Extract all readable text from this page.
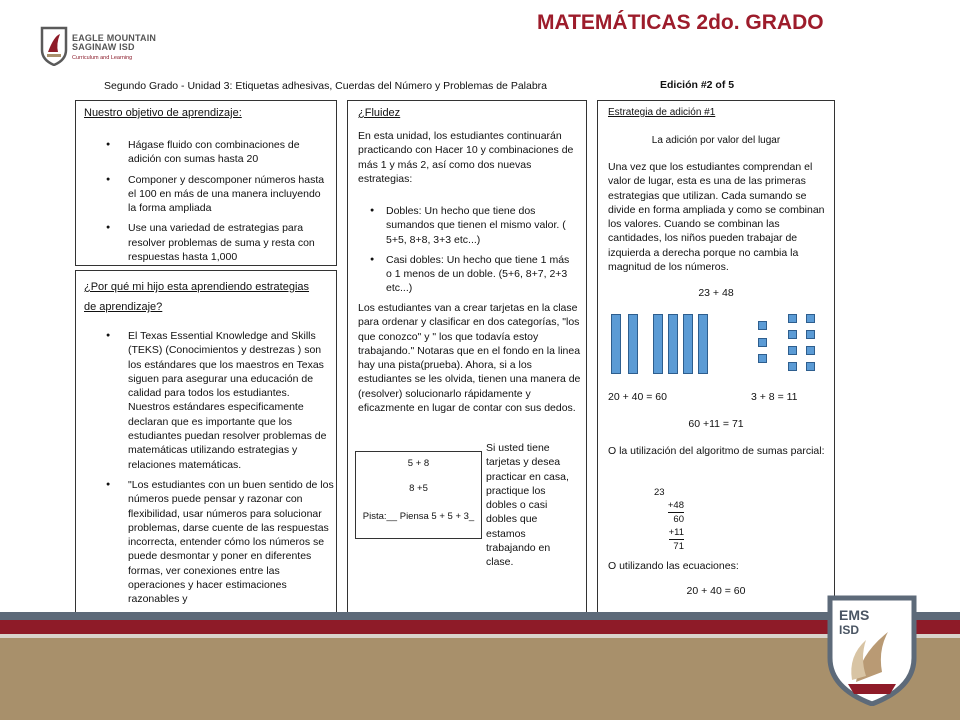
EAGLE MOUNTAIN
SAGINAW ISD
Curriculum and Learning
MATEMÁTICAS 2do. GRADO
Segundo Grado - Unidad 3: Etiquetas adhesivas, Cuerdas del Número y Problemas de Palabra	Edición #2 of 5
Nuestro objetivo de aprendizaje:
● Hágase fluido con combinaciones de adición con sumas hasta 20
● Componer y descomponer números hasta el 100 en más de una manera incluyendo la forma ampliada
● Use una variedad de estrategias para resolver problemas de suma y resta con respuestas hasta 1,000
¿Por qué mi hijo esta aprendiendo estrategias
de aprendizaje?
● El Texas Essential Knowledge and Skills (TEKS) (Conocimientos y destrezas ) son los estándares que los maestros en Texas siguen para asegurar una educación de calidad para todos los estudiantes. Nuestros estándares especificamente declaran que es importante que los estudiantes puedan resolver problemas de matemáticas utilizando estrategias y relaciones matemáticas.
● "Los estudiantes con un buen sentido de los números puede pensar y razonar con flexibilidad, usar números para solucionar problemas, darse cuente de las respuestas incorrecta, entender cómo los números se puede desmontar y poner en diferentes formas, ver conexiones entre las operaciones y hacer estimaciones razonables y
¿Fluidez
En esta unidad, los estudiantes continuarán practicando con Hacer 10 y combinaciones de más 1 y más 2, así como dos nuevas estrategias:
● Dobles: Un hecho que tiene dos sumandos que tienen el mismo valor. ( 5+5, 8+8, 3+3 etc...)
● Casi dobles: Un hecho que tiene 1 más o 1 menos de un doble. (5+6, 8+7, 2+3 etc...)
Los estudiantes van a crear tarjetas en la clase para ordenar y clasificar en dos categorías, "los que conozco" y " los que todavía estoy trabajando." Notaras que en el fondo en la linea hay una pista(prueba). Ahora, si a los estudiantes se les olvida, tienen una manera de (resolver) solucionarlo rápidamente y eficazmente en lugar de contar con sus dedos.
5 + 8
8 +5
Pista:__ Piensa 5 + 5 + 3_
Si usted tiene tarjetas y desea practicar en casa, practique los dobles o casi dobles que estamos trabajando en clase.
Estrategia de adición #1
La adición por valor del lugar
Una vez que los estudiantes comprendan el valor de lugar, esta es una de las primeras estrategias que utilizan. Cada sumando se divide en forma ampliada y como se combinan los valores. Cuando se combinan las cantidades, los niños pueden trabajar de izquierda a derecha porque no cambia la magnitud de los números.
23 + 48
20 + 40 = 60	3 + 8 = 11
60 +11 = 71
O la utilización del algoritmo de sumas parcial:
23
+48
60
+11
71
O utilizando las ecuaciones:
20 + 40 = 60
EMS
ISD
